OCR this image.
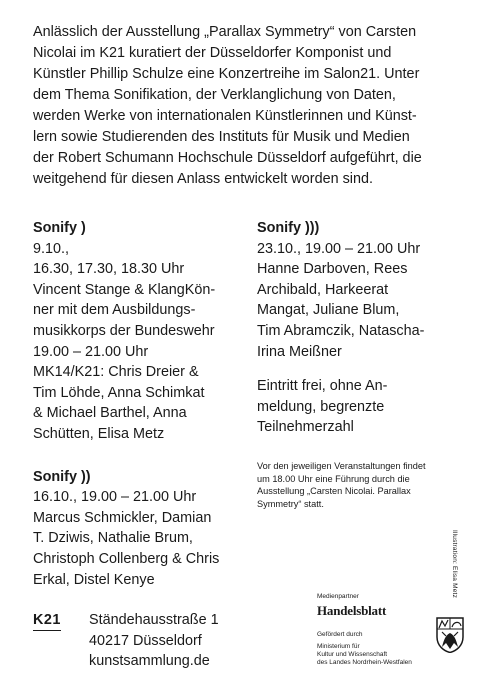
Anlässlich der Ausstellung „Parallax Symmetry“ von Carsten
Nicolai im K21 kuratiert der Düsseldorfer Komponist und
Künstler Phillip Schulze eine Konzertreihe im Salon21. Unter
dem Thema Sonifikation, der Verklanglichung von Daten,
werden Werke von internationalen Künstlerinnen und Künst-
lern sowie Studierenden des Instituts für Musik und Medien
der Robert Schumann Hochschule Düsseldorf aufgeführt, die
weitgehend für diesen Anlass entwickelt worden sind.

Sonify )

9.10.,

16.30, 17.30, 18.30 Uhr

Vincent Stange & KlangKön-

ner mit dem Ausbildungs-

musikkorps der Bundeswehr

19.00 – 21.00 Uhr

MK14/K21: Chris Dreier &

Tim Löhde, Anna Schimkat

& Michael Barthel, Anna

Schütten, Elisa Metz

Sonify ))

16.10., 19.00 – 21.00 Uhr

Marcus Schmickler, Damian

T. Dziwis, Nathalie Brum,

Christoph Collenberg & Chris

Erkal, Distel Kenye

Sonify )))

23.10., 19.00 – 21.00 Uhr

Hanne Darboven, Rees

Archibald, Harkeerat

Mangat, Juliane Blum,

Tim Abramczik, Natascha-

Irina Meißner

Eintritt frei, ohne An-

meldung, begrenzte

Teilnehmerzahl

Vor den jeweiligen Veranstaltungen findet
um 18.00 Uhr eine Führung durch die
Ausstellung „Carsten Nicolai. Parallax
Symmetry“ statt.
Illustration: Elisa Metz
K21 Ständehausstraße 1
40217 Düsseldorf
kunstsammlung.de
Medienpartner
Handelsblatt
Gefördert durch
Ministerium für
Kultur und Wissenschaft
des Landes Nordrhein-Westfalen
